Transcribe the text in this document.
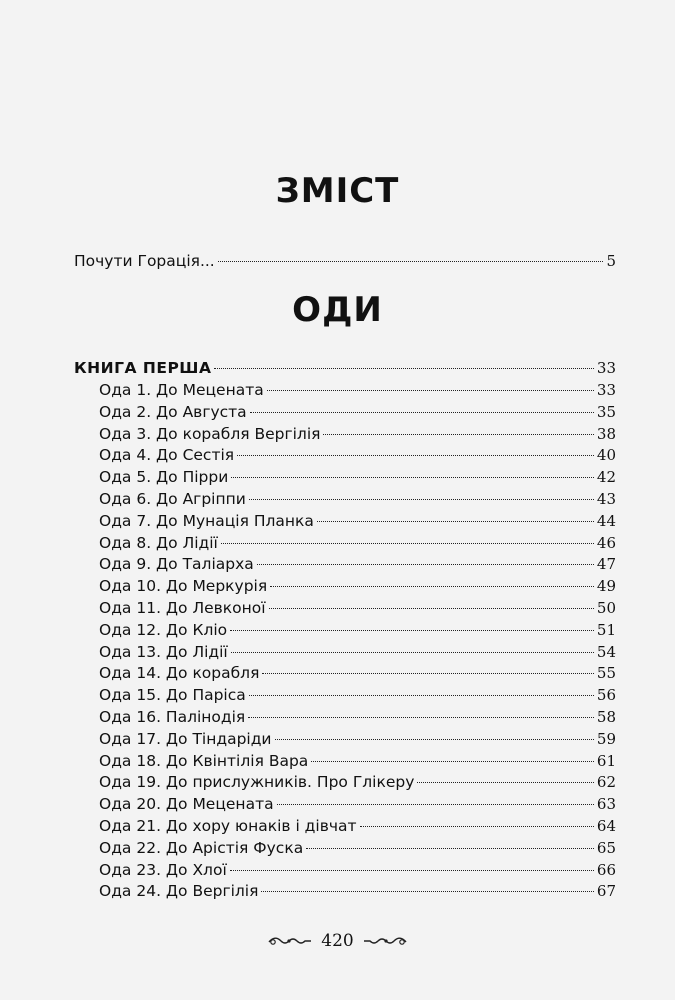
ЗМІСТ
Почути Горація...	5
ОДИ
КНИГА ПЕРША	33
Ода 1. До Мецената	33
Ода 2. До Августа	35
Ода 3. До корабля Вергілія	38
Ода 4. До Сестія	40
Ода 5. До Пірри	42
Ода 6. До Агріппи	43
Ода 7. До Мунація Планка	44
Ода 8. До Лідії	46
Ода 9. До Таліарха	47
Ода 10. До Меркурія	49
Ода 11. До Левконої	50
Ода 12. До Кліо	51
Ода 13. До Лідії	54
Ода 14. До корабля	55
Ода 15. До Паріса	56
Ода 16. Палінодія	58
Ода 17. До Тіндаріди	59
Ода 18. До Квінтілія Вара	61
Ода 19. До прислужників. Про Глікеру	62
Ода 20. До Мецената	63
Ода 21. До хору юнаків і дівчат	64
Ода 22. До Арістія Фуска	65
Ода 23. До Хлої	66
Ода 24. До Вергілія	67
420
